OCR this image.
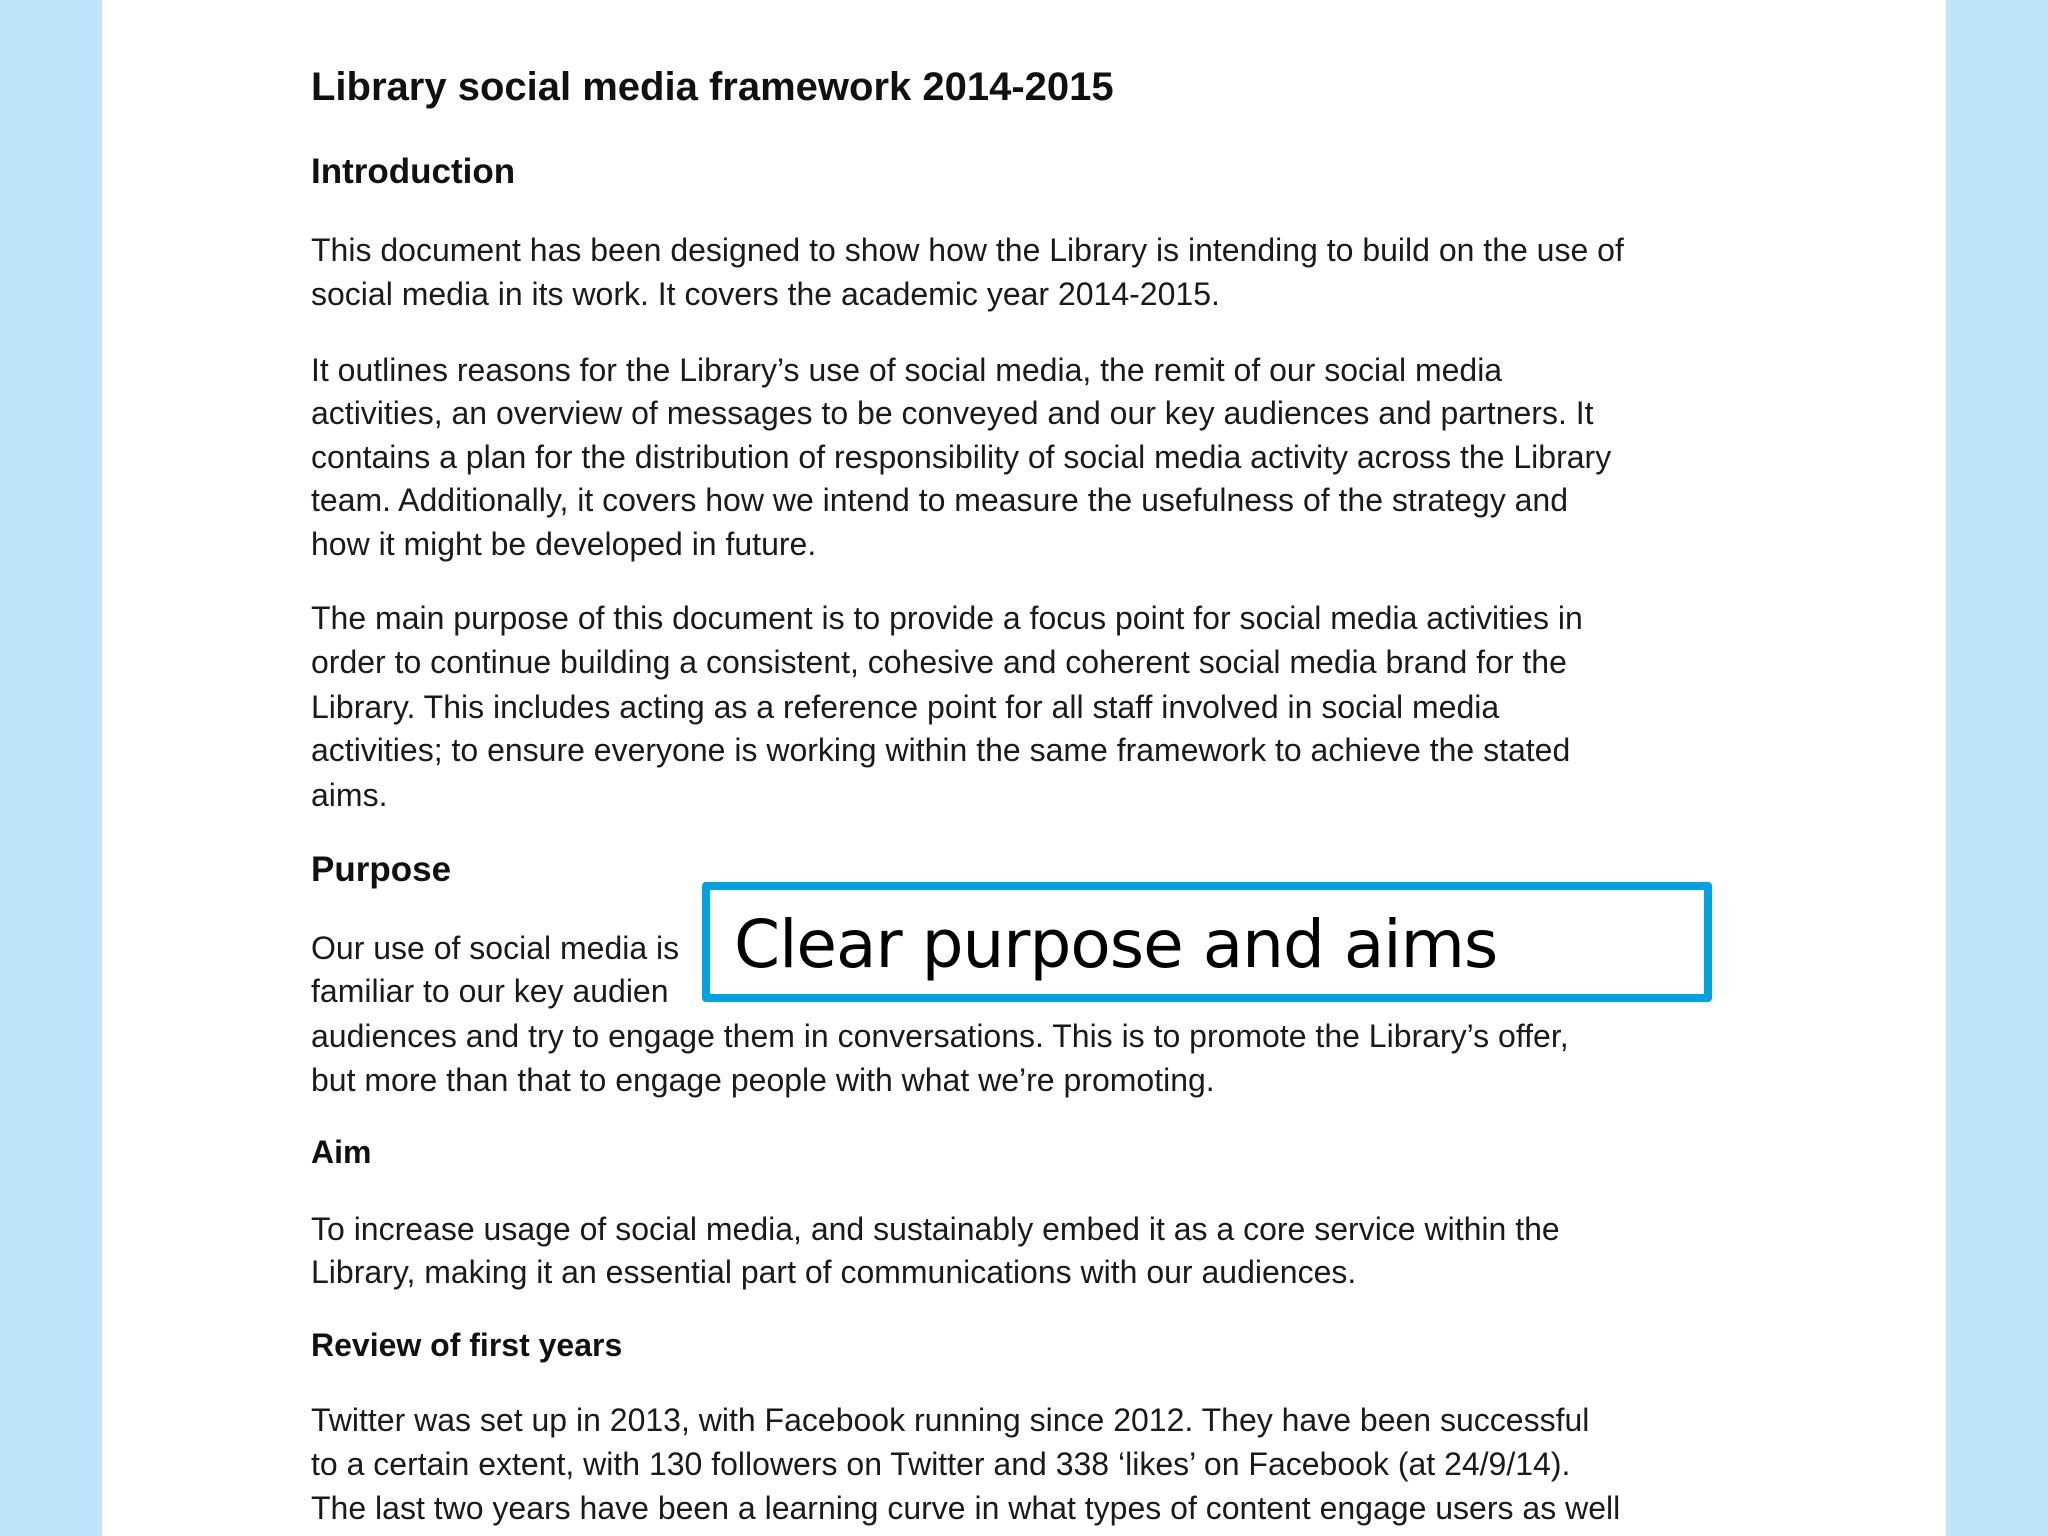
Library social media framework 2014-2015
Introduction

This document has been designed to show how the Library is intending to build on the use of

social media in its work. It covers the academic year 2014-2015.

It outlines reasons for the Library’s use of social media, the remit of our social media

activities, an overview of messages to be conveyed and our key audiences and partners. It

contains a plan for the distribution of responsibility of social media activity across the Library

team. Additionally, it covers how we intend to measure the usefulness of the strategy and

how it might be developed in future.

The main purpose of this document is to provide a focus point for social media activities in

order to continue building a consistent, cohesive and coherent social media brand for the

Library. This includes acting as a reference point for all staff involved in social media

activities; to ensure everyone is working within the same framework to achieve the stated

aims.

Purpose

Our use of social media is

familiar to our key audien

audiences and try to engage them in conversations. This is to promote the Library’s offer,

but more than that to engage people with what we’re promoting.

Aim

To increase usage of social media, and sustainably embed it as a core service within the

Library, making it an essential part of communications with our audiences.

Review of first years

Twitter was set up in 2013, with Facebook running since 2012. They have been successful

to a certain extent, with 130 followers on Twitter and 338 ‘likes’ on Facebook (at 24/9/14).

The last two years have been a learning curve in what types of content engage users as well

Clear purpose and aims
